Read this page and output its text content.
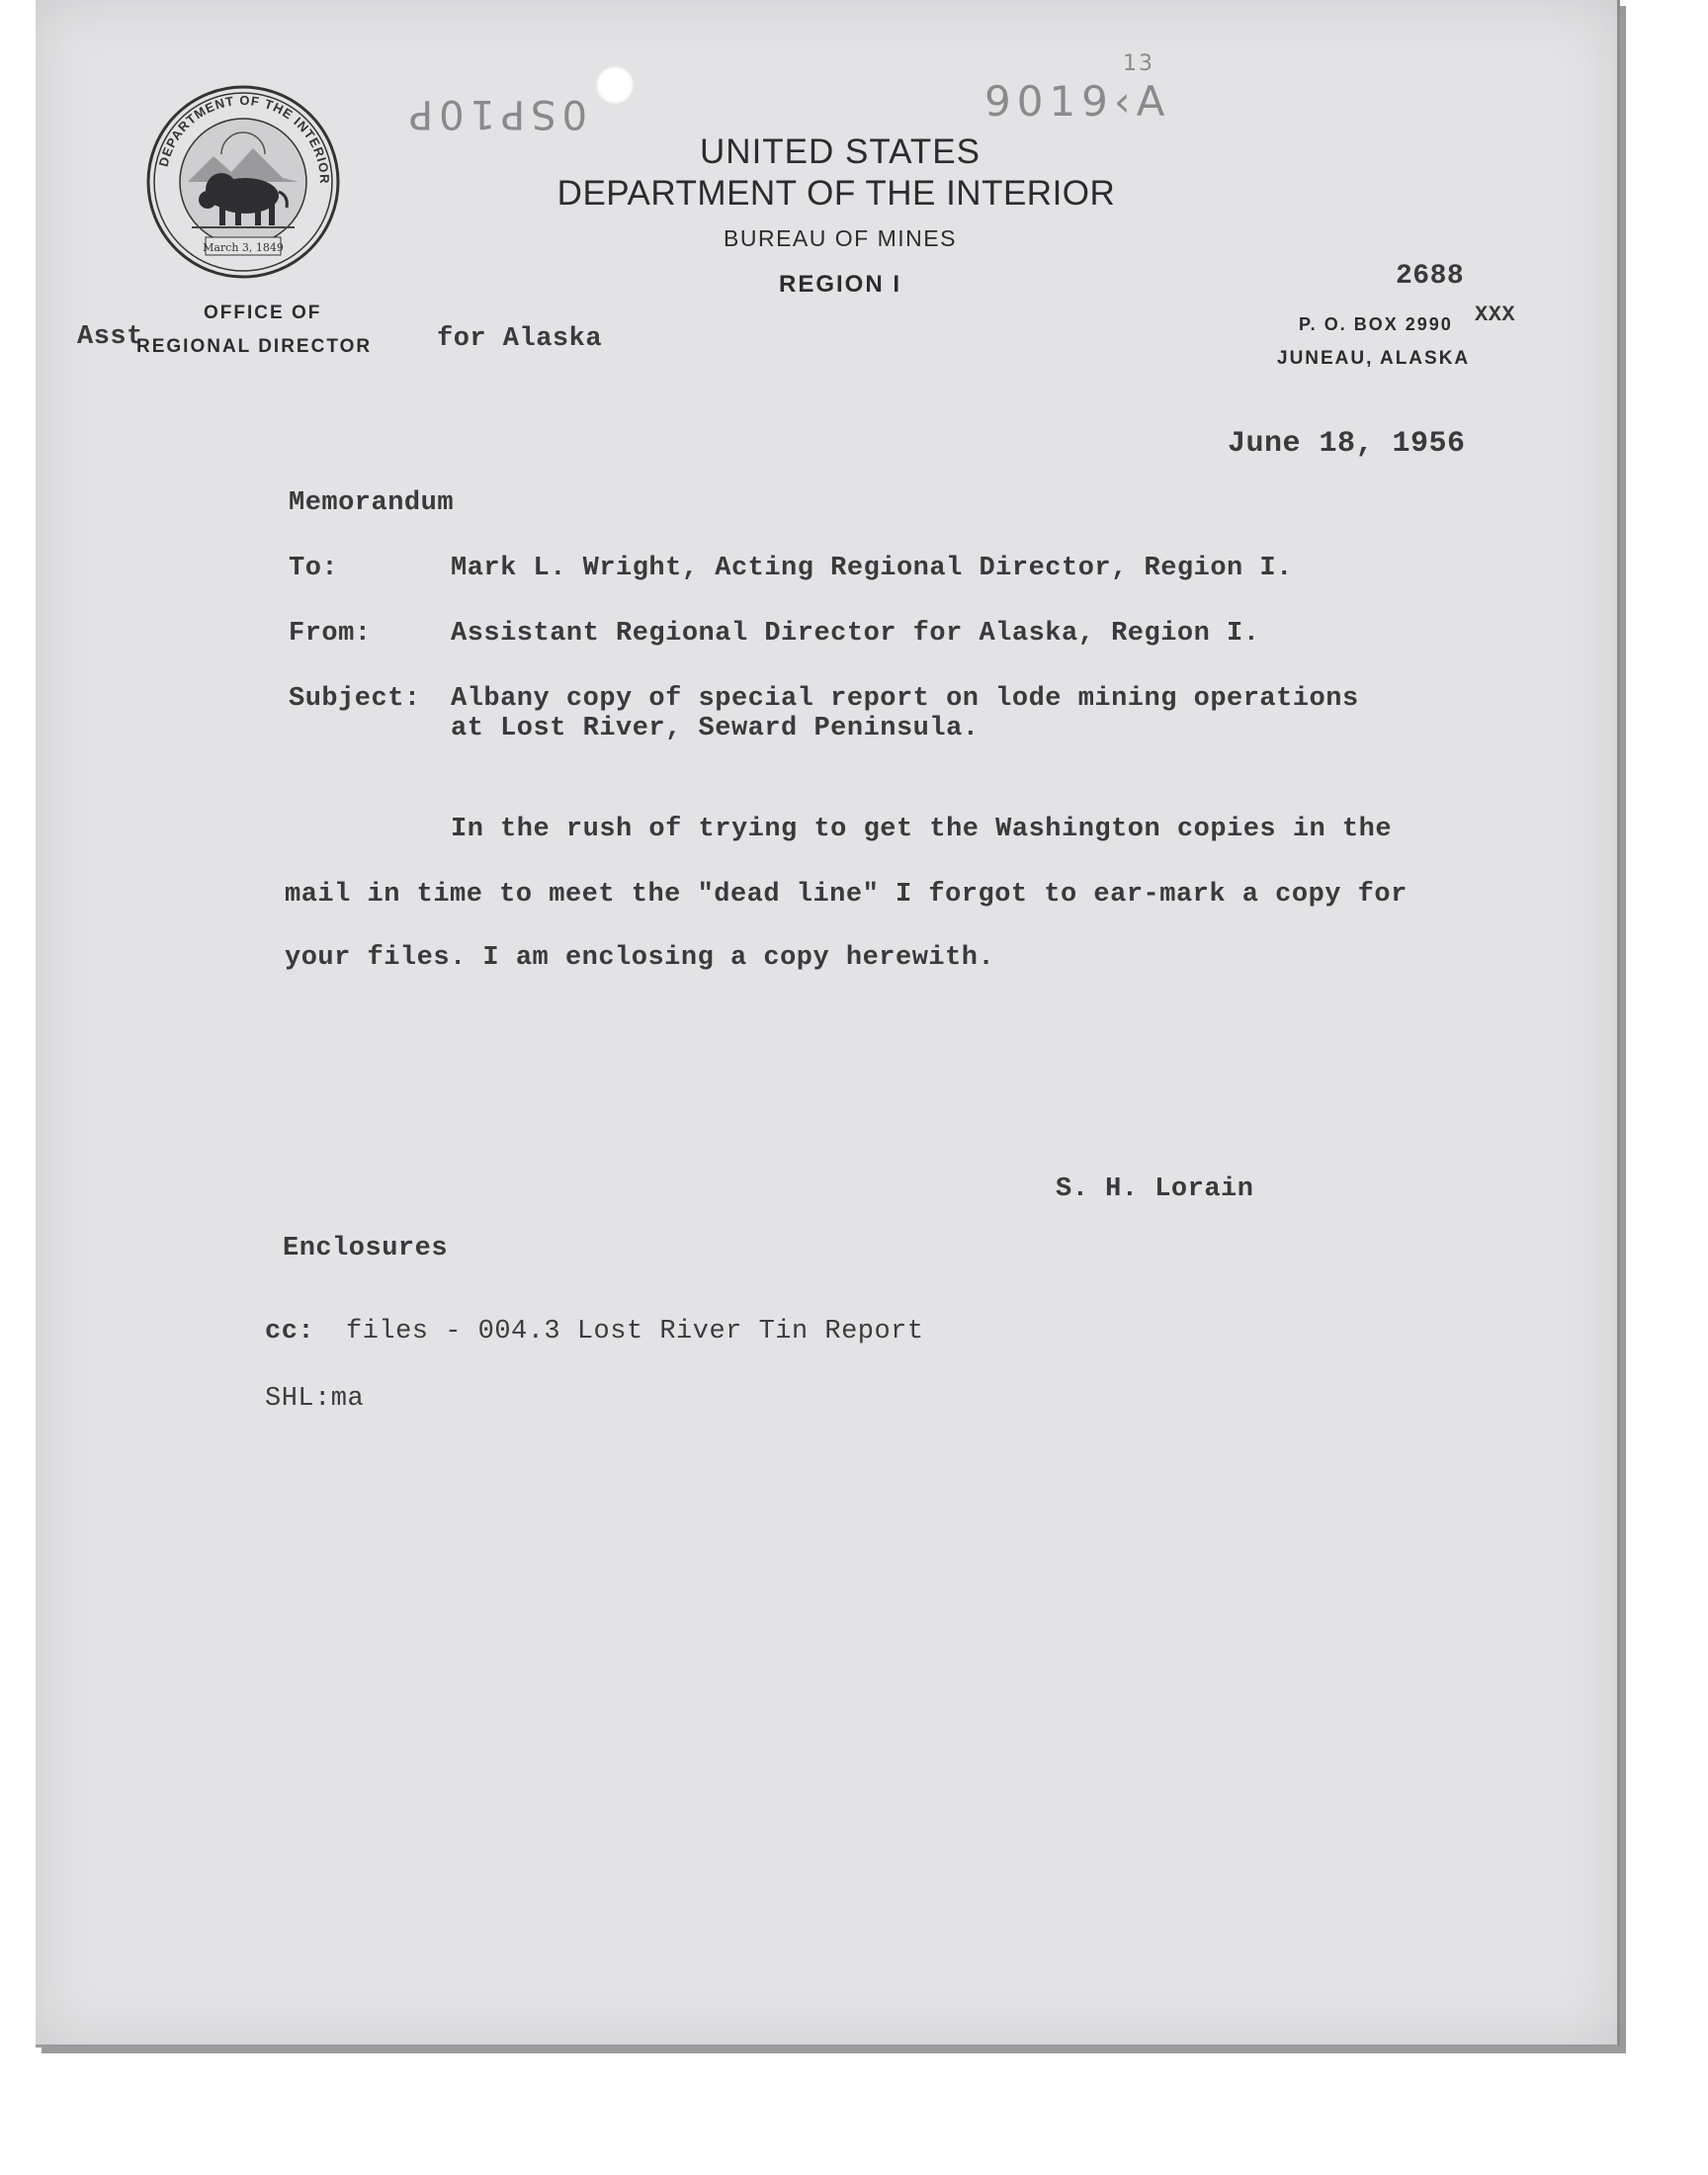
0SP10P	9019‹A
13
DEPARTMENT OF THE INTERIOR
March 3, 1849
UNITED STATES
DEPARTMENT OF THE INTERIOR
BUREAU OF MINES
REGION I
OFFICE OF
Asst
REGIONAL DIRECTOR for Alaska
2688
P. O. BOX 2990 XXX
JUNEAU, ALASKA
June 18, 1956
Memorandum
To:	Mark L. Wright, Acting Regional Director, Region I.
From:	Assistant Regional Director for Alaska, Region I.
Subject: Albany copy of special report on lode mining operations
at Lost River, Seward Peninsula.
In the rush of trying to get the Washington copies in the
mail in time to meet the "dead line" I forgot to ear-mark a copy for
your files. I am enclosing a copy herewith.
S. H. Lorain
Enclosures
cc: files - 004.3 Lost River Tin Report
SHL:ma
